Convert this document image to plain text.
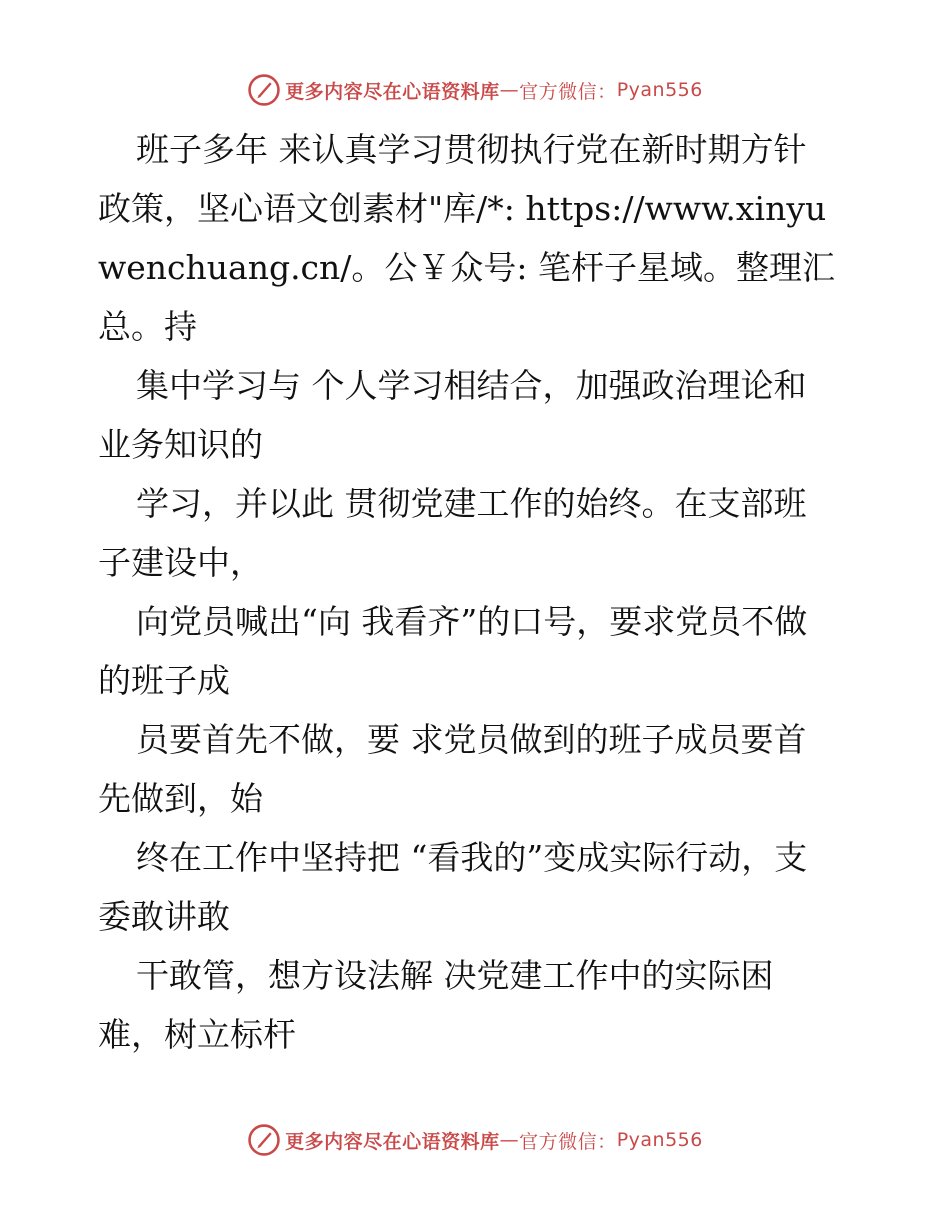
更多内容尽在心语资料库 — 官方微信： Pyan556

班子多年 来认真学习贯彻执行党在新时期方针政策，坚心语文创素材"库/*: https://www.xinyuwenchuang.cn/。公￥众号: 笔杆子星域。整理汇总。持

集中学习与 个人学习相结合，加强政治理论和业务知识的

学习，并以此 贯彻党建工作的始终。在支部班子建设中，

向党员喊出“向 我看齐”的口号，要求党员不做的班子成

员要首先不做，要 求党员做到的班子成员要首先做到，始

终在工作中坚持把 “看我的”变成实际行动，支委敢讲敢

干敢管，想方设法解 决党建工作中的实际困 难，树立标杆

更多内容尽在心语资料库 — 官方微信： Pyan556
